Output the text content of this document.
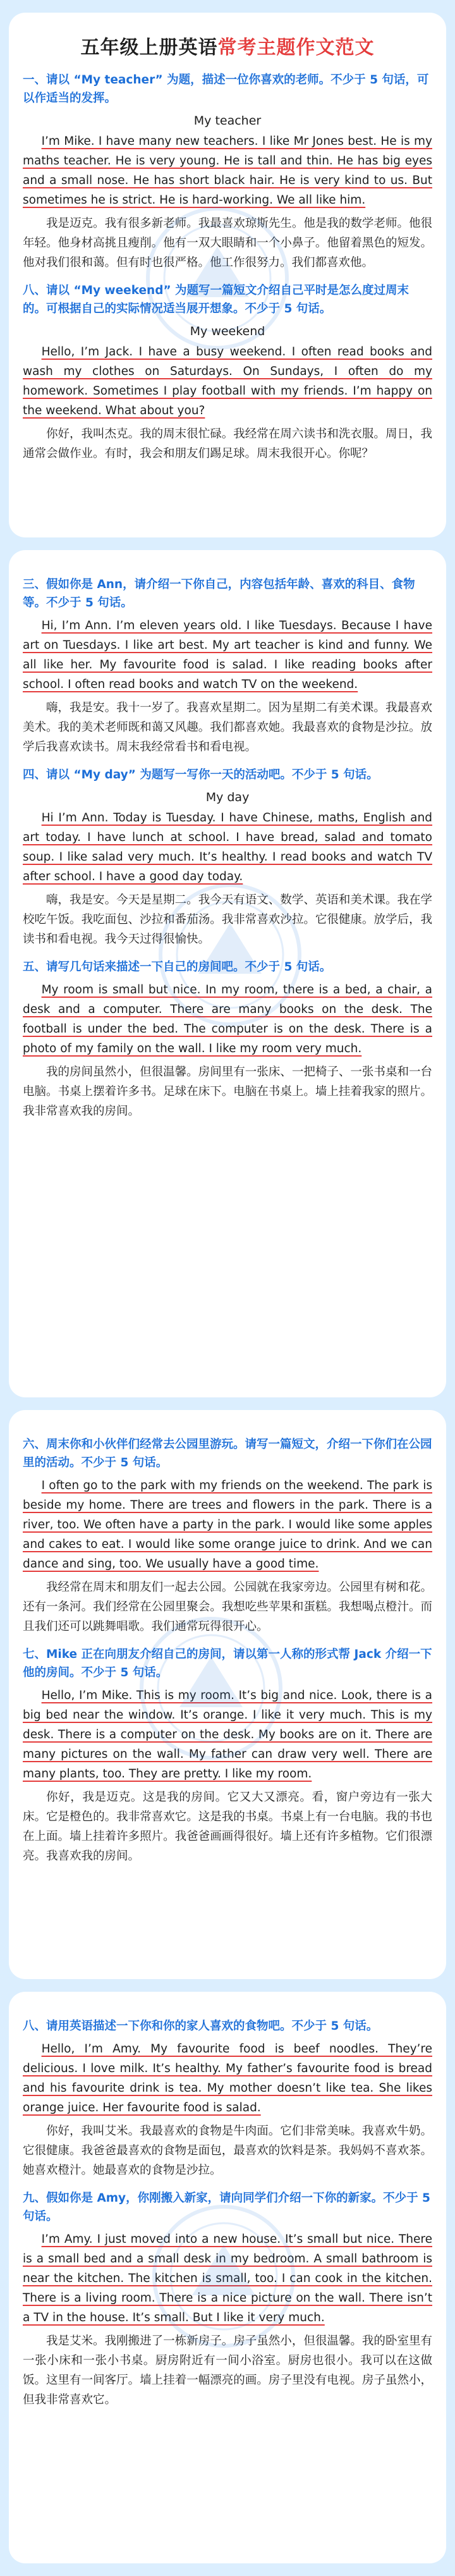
五年级上册英语常考主题作文范文
一、请以 “My teacher” 为题，描述一位你喜欢的老师。不少于 5 句话，可以作适当的发挥。
My teacher

I’m Mike. I have many new teachers. I like Mr Jones best. He is my maths teacher. He is very young. He is tall and thin. He has big eyes and a small nose. He has short black hair. He is very kind to us. But sometimes he is strict. He is hard-working. We all like him.

我是迈克。我有很多新老师。我最喜欢琼斯先生。他是我的数学老师。他很年轻。他身材高挑且瘦削。他有一双大眼睛和一个小鼻子。他留着黑色的短发。他对我们很和蔼。但有时也很严格。他工作很努力。我们都喜欢他。

八、请以 “My weekend” 为题写一篇短文介绍自己平时是怎么度过周末的。可根据自己的实际情况适当展开想象。不少于 5 句话。
My weekend

Hello, I’m Jack. I have a busy weekend. I often read books and wash my clothes on Saturdays. On Sundays, I often do my homework. Sometimes I play football with my friends. I’m happy on the weekend. What about you?

你好，我叫杰克。我的周末很忙碌。我经常在周六读书和洗衣服。周日，我通常会做作业。有时，我会和朋友们踢足球。周末我很开心。你呢？

三、假如你是 Ann，请介绍一下你自己，内容包括年龄、喜欢的科目、食物等。不少于 5 句话。

Hi, I’m Ann. I’m eleven years old. I like Tuesdays. Because I have art on Tuesdays. I like art best. My art teacher is kind and funny. We all like her. My favourite food is salad. I like reading books after school. I often read books and watch TV on the weekend.

嗨，我是安。我十一岁了。我喜欢星期二。因为星期二有美术课。我最喜欢美术。我的美术老师既和蔼又风趣。我们都喜欢她。我最喜欢的食物是沙拉。放学后我喜欢读书。周末我经常看书和看电视。

四、请以 “My day” 为题写一写你一天的活动吧。不少于 5 句话。
My day

Hi I’m Ann. Today is Tuesday. I have Chinese, maths, English and art today. I have lunch at school. I have bread, salad and tomato soup. I like salad very much. It’s healthy. I read books and watch TV after school. I have a good day today.

嗨，我是安。今天是星期二。我今天有语文、数学、英语和美术课。我在学校吃午饭。我吃面包、沙拉和番茄汤。我非常喜欢沙拉。它很健康。放学后，我读书和看电视。我今天过得很愉快。

五、请写几句话来描述一下自己的房间吧。不少于 5 句话。

My room is small but nice. In my room, there is a bed, a chair, a desk and a computer. There are many books on the desk. The football is under the bed. The computer is on the desk. There is a photo of my family on the wall. I like my room very much.

我的房间虽然小，但很温馨。房间里有一张床、一把椅子、一张书桌和一台电脑。书桌上摆着许多书。足球在床下。电脑在书桌上。墙上挂着我家的照片。我非常喜欢我的房间。

六、周末你和小伙伴们经常去公园里游玩。请写一篇短文，介绍一下你们在公园里的活动。不少于 5 句话。

I often go to the park with my friends on the weekend. The park is beside my home. There are trees and flowers in the park. There is a river, too. We often have a party in the park. I would like some apples and cakes to eat. I would like some orange juice to drink. And we can dance and sing, too. We usually have a good time.

我经常在周末和朋友们一起去公园。公园就在我家旁边。公园里有树和花。还有一条河。我们经常在公园里聚会。我想吃些苹果和蛋糕。我想喝点橙汁。而且我们还可以跳舞唱歌。我们通常玩得很开心。

七、Mike 正在向朋友介绍自己的房间，请以第一人称的形式帮 Jack 介绍一下他的房间。不少于 5 句话。

Hello, I’m Mike. This is my room. It’s big and nice. Look, there is a big bed near the window. It’s orange. I like it very much. This is my desk. There is a computer on the desk. My books are on it. There are many pictures on the wall. My father can draw very well. There are many plants, too. They are pretty. I like my room.

你好，我是迈克。这是我的房间。它又大又漂亮。看，窗户旁边有一张大床。它是橙色的。我非常喜欢它。这是我的书桌。书桌上有一台电脑。我的书也在上面。墙上挂着许多照片。我爸爸画画得很好。墙上还有许多植物。它们很漂亮。我喜欢我的房间。

八、请用英语描述一下你和你的家人喜欢的食物吧。不少于 5 句话。

Hello, I’m Amy. My favourite food is beef noodles. They’re delicious. I love milk. It’s healthy. My father’s favourite food is bread and his favourite drink is tea. My mother doesn’t like tea. She likes orange juice. Her favourite food is salad.

你好，我叫艾米。我最喜欢的食物是牛肉面。它们非常美味。我喜欢牛奶。它很健康。我爸爸最喜欢的食物是面包，最喜欢的饮料是茶。我妈妈不喜欢茶。她喜欢橙汁。她最喜欢的食物是沙拉。

九、假如你是 Amy，你刚搬入新家，请向同学们介绍一下你的新家。不少于 5 句话。

I’m Amy. I just moved into a new house. It’s small but nice. There is a small bed and a small desk in my bedroom. A small bathroom is near the kitchen. The kitchen is small, too. I can cook in the kitchen. There is a living room. There is a nice picture on the wall. There isn’t a TV in the house. It’s small. But I like it very much.

我是艾米。我刚搬进了一栋新房子。房子虽然小，但很温馨。我的卧室里有一张小床和一张小书桌。厨房附近有一间小浴室。厨房也很小。我可以在这做饭。这里有一间客厅。墙上挂着一幅漂亮的画。房子里没有电视。房子虽然小，但我非常喜欢它。
